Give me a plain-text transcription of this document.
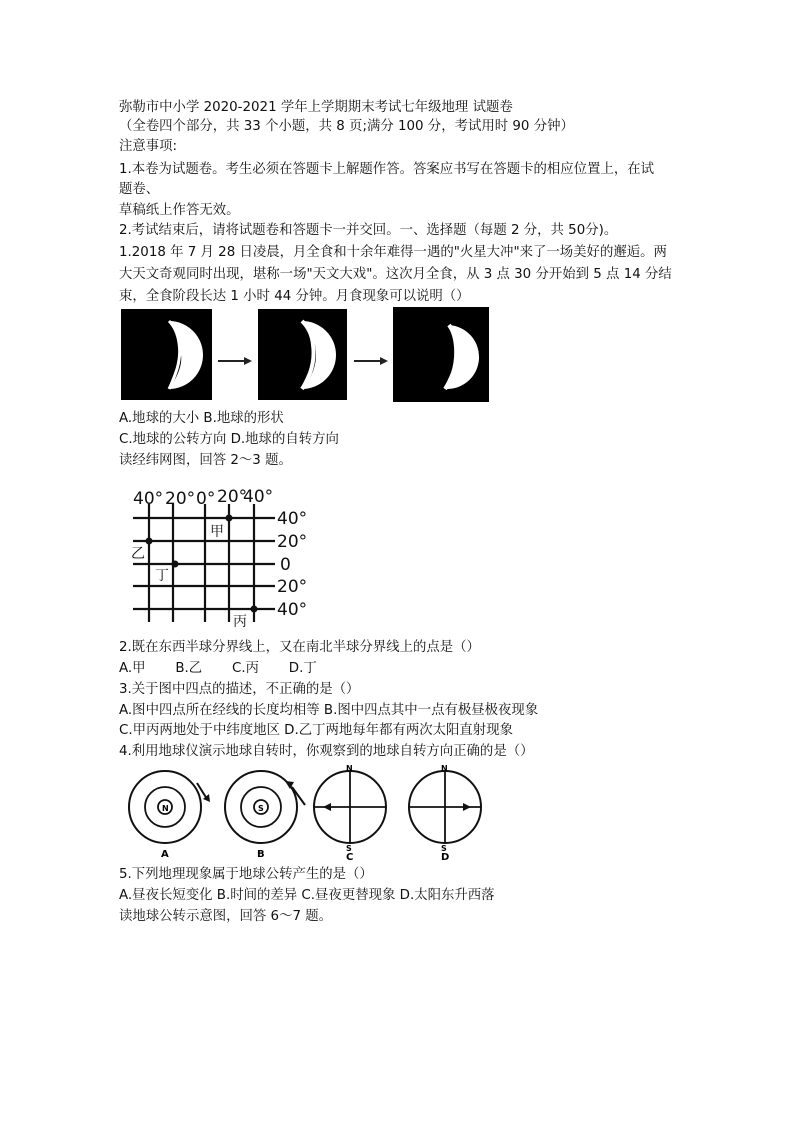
弥勒市中小学 2020-2021 学年上学期期末考试七年级地理 试题卷
（全卷四个部分，共 33 个小题，共 8 页;满分 100 分，考试用时 90 分钟）
注意事项:
1.本卷为试题卷。考生必须在答题卡上解题作答。答案应书写在答题卡的相应位置上，在试
题卷、
草稿纸上作答无效。
2.考试结束后，请将试题卷和答题卡一并交回。一、选择题（每题 2 分，共 50分)。
1.2018 年 7 月 28 日凌晨，月全食和十余年难得一遇的"火星大冲"来了一场美好的邂逅。两
大天文奇观同时出现，堪称一场"天文大戏"。这次月全食，从 3 点 30 分开始到 5 点 14 分结
束，全食阶段长达 1 小时 44 分钟。月食现象可以说明（）
A.地球的大小 B.地球的形状
C.地球的公转方向 D.地球的自转方向
读经纬网图，回答 2～3 题。
40° 20° 0° 20°
40°
40°
20°
0
20°
40°
甲
乙
丁
丙
2.既在东西半球分界线上，又在南北半球分界线上的点是（）
A.甲       B.乙       C.丙       D.丁
3.关于图中四点的描述，不正确的是（）
A.图中四点所在经线的长度均相等 B.图中四点其中一点有极昼极夜现象
C.甲丙两地处于中纬度地区 D.乙丁两地每年都有两次太阳直射现象
4.利用地球仪演示地球自转时，你观察到的地球自转方向正确的是（）
N
A
S
B
N
S
C
N
S
D
5.下列地理现象属于地球公转产生的是（）
A.昼夜长短变化 B.时间的差异 C.昼夜更替现象 D.太阳东升西落
读地球公转示意图，回答 6～7 题。
